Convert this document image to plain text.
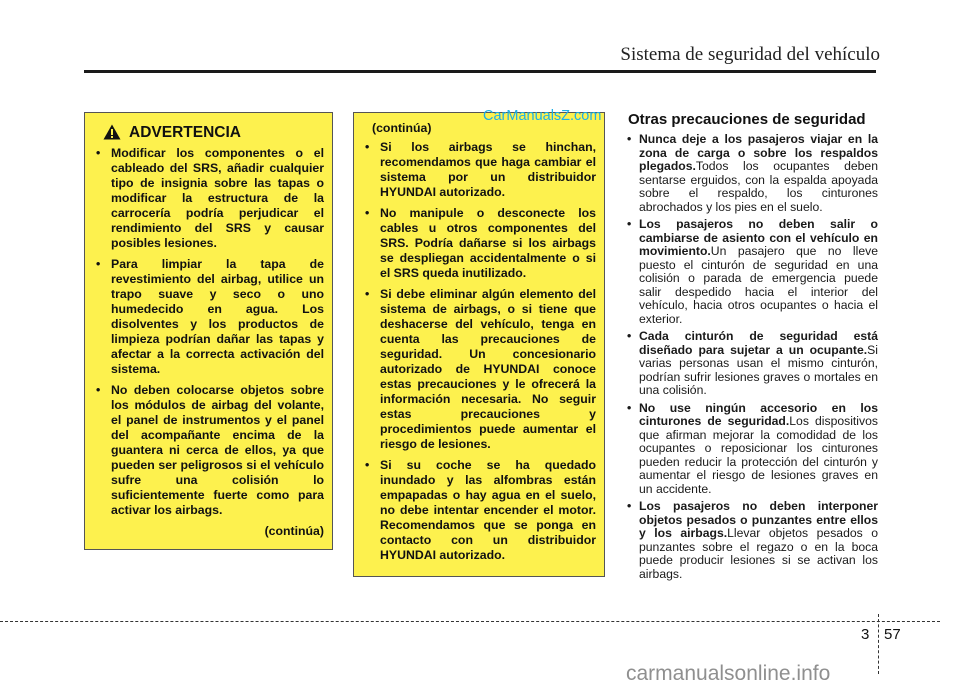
Sistema de seguridad del vehículo
ADVERTENCIA
• Modificar los componentes o el cableado del SRS, añadir cualquier tipo de insignia sobre las tapas o modificar la estructura de la carrocería podría perjudicar el rendimiento del SRS y causar posibles lesiones.
• Para limpiar la tapa de revestimiento del airbag, utilice un trapo suave y seco o uno humedecido en agua. Los disolventes y los productos de limpieza podrían dañar las tapas y afectar a la correcta activación del sistema.
• No deben colocarse objetos sobre los módulos de airbag del volante, el panel de instrumentos y el panel del acompañante encima de la guantera ni cerca de ellos, ya que pueden ser peligrosos si el vehículo sufre una colisión lo suficientemente fuerte como para activar los airbags.
(continúa)
(continúa)
• Si los airbags se hinchan, recomendamos que haga cambiar el sistema por un distribuidor HYUNDAI autorizado.
• No manipule o desconecte los cables u otros componentes del SRS. Podría dañarse si los airbags se despliegan accidentalmente o si el SRS queda inutilizado.
• Si debe eliminar algún elemento del sistema de airbags, o si tiene que deshacerse del vehículo, tenga en cuenta las precauciones de seguridad. Un concesionario autorizado de HYUNDAI conoce estas precauciones y le ofrecerá la información necesaria. No seguir estas precauciones y procedimientos puede aumentar el riesgo de lesiones.
• Si su coche se ha quedado inundado y las alfombras están empapadas o hay agua en el suelo, no debe intentar encender el motor. Recomendamos que se ponga en contacto con un distribuidor HYUNDAI autorizado.
CarManualsZ.com Otras precauciones de seguridad
• Nunca deje a los pasajeros viajar en la zona de carga o sobre los respaldos plegados.Todos los ocupantes deben sentarse erguidos, con la espalda apoyada sobre el respaldo, los cinturones abrochados y los pies en el suelo.
• Los pasajeros no deben salir o cambiarse de asiento con el vehículo en movimiento.Un pasajero que no lleve puesto el cinturón de seguridad en una colisión o parada de emergencia puede salir despedido hacia el interior del vehículo, hacia otros ocupantes o hacia el exterior.
• Cada cinturón de seguridad está diseñado para sujetar a un ocupante.Si varias personas usan el mismo cinturón, podrían sufrir lesiones graves o mortales en una colisión.
• No use ningún accesorio en los cinturones de seguridad.Los dispositivos que afirman mejorar la comodidad de los ocupantes o reposicionar los cinturones pueden reducir la protección del cinturón y aumentar el riesgo de lesiones graves en un accidente.
• Los pasajeros no deben interponer objetos pesados o punzantes entre ellos y los airbags.Llevar objetos pesados o punzantes sobre el regazo o en la boca puede producir lesiones si se activan los airbags.
3 57
carmanualsonline.info
